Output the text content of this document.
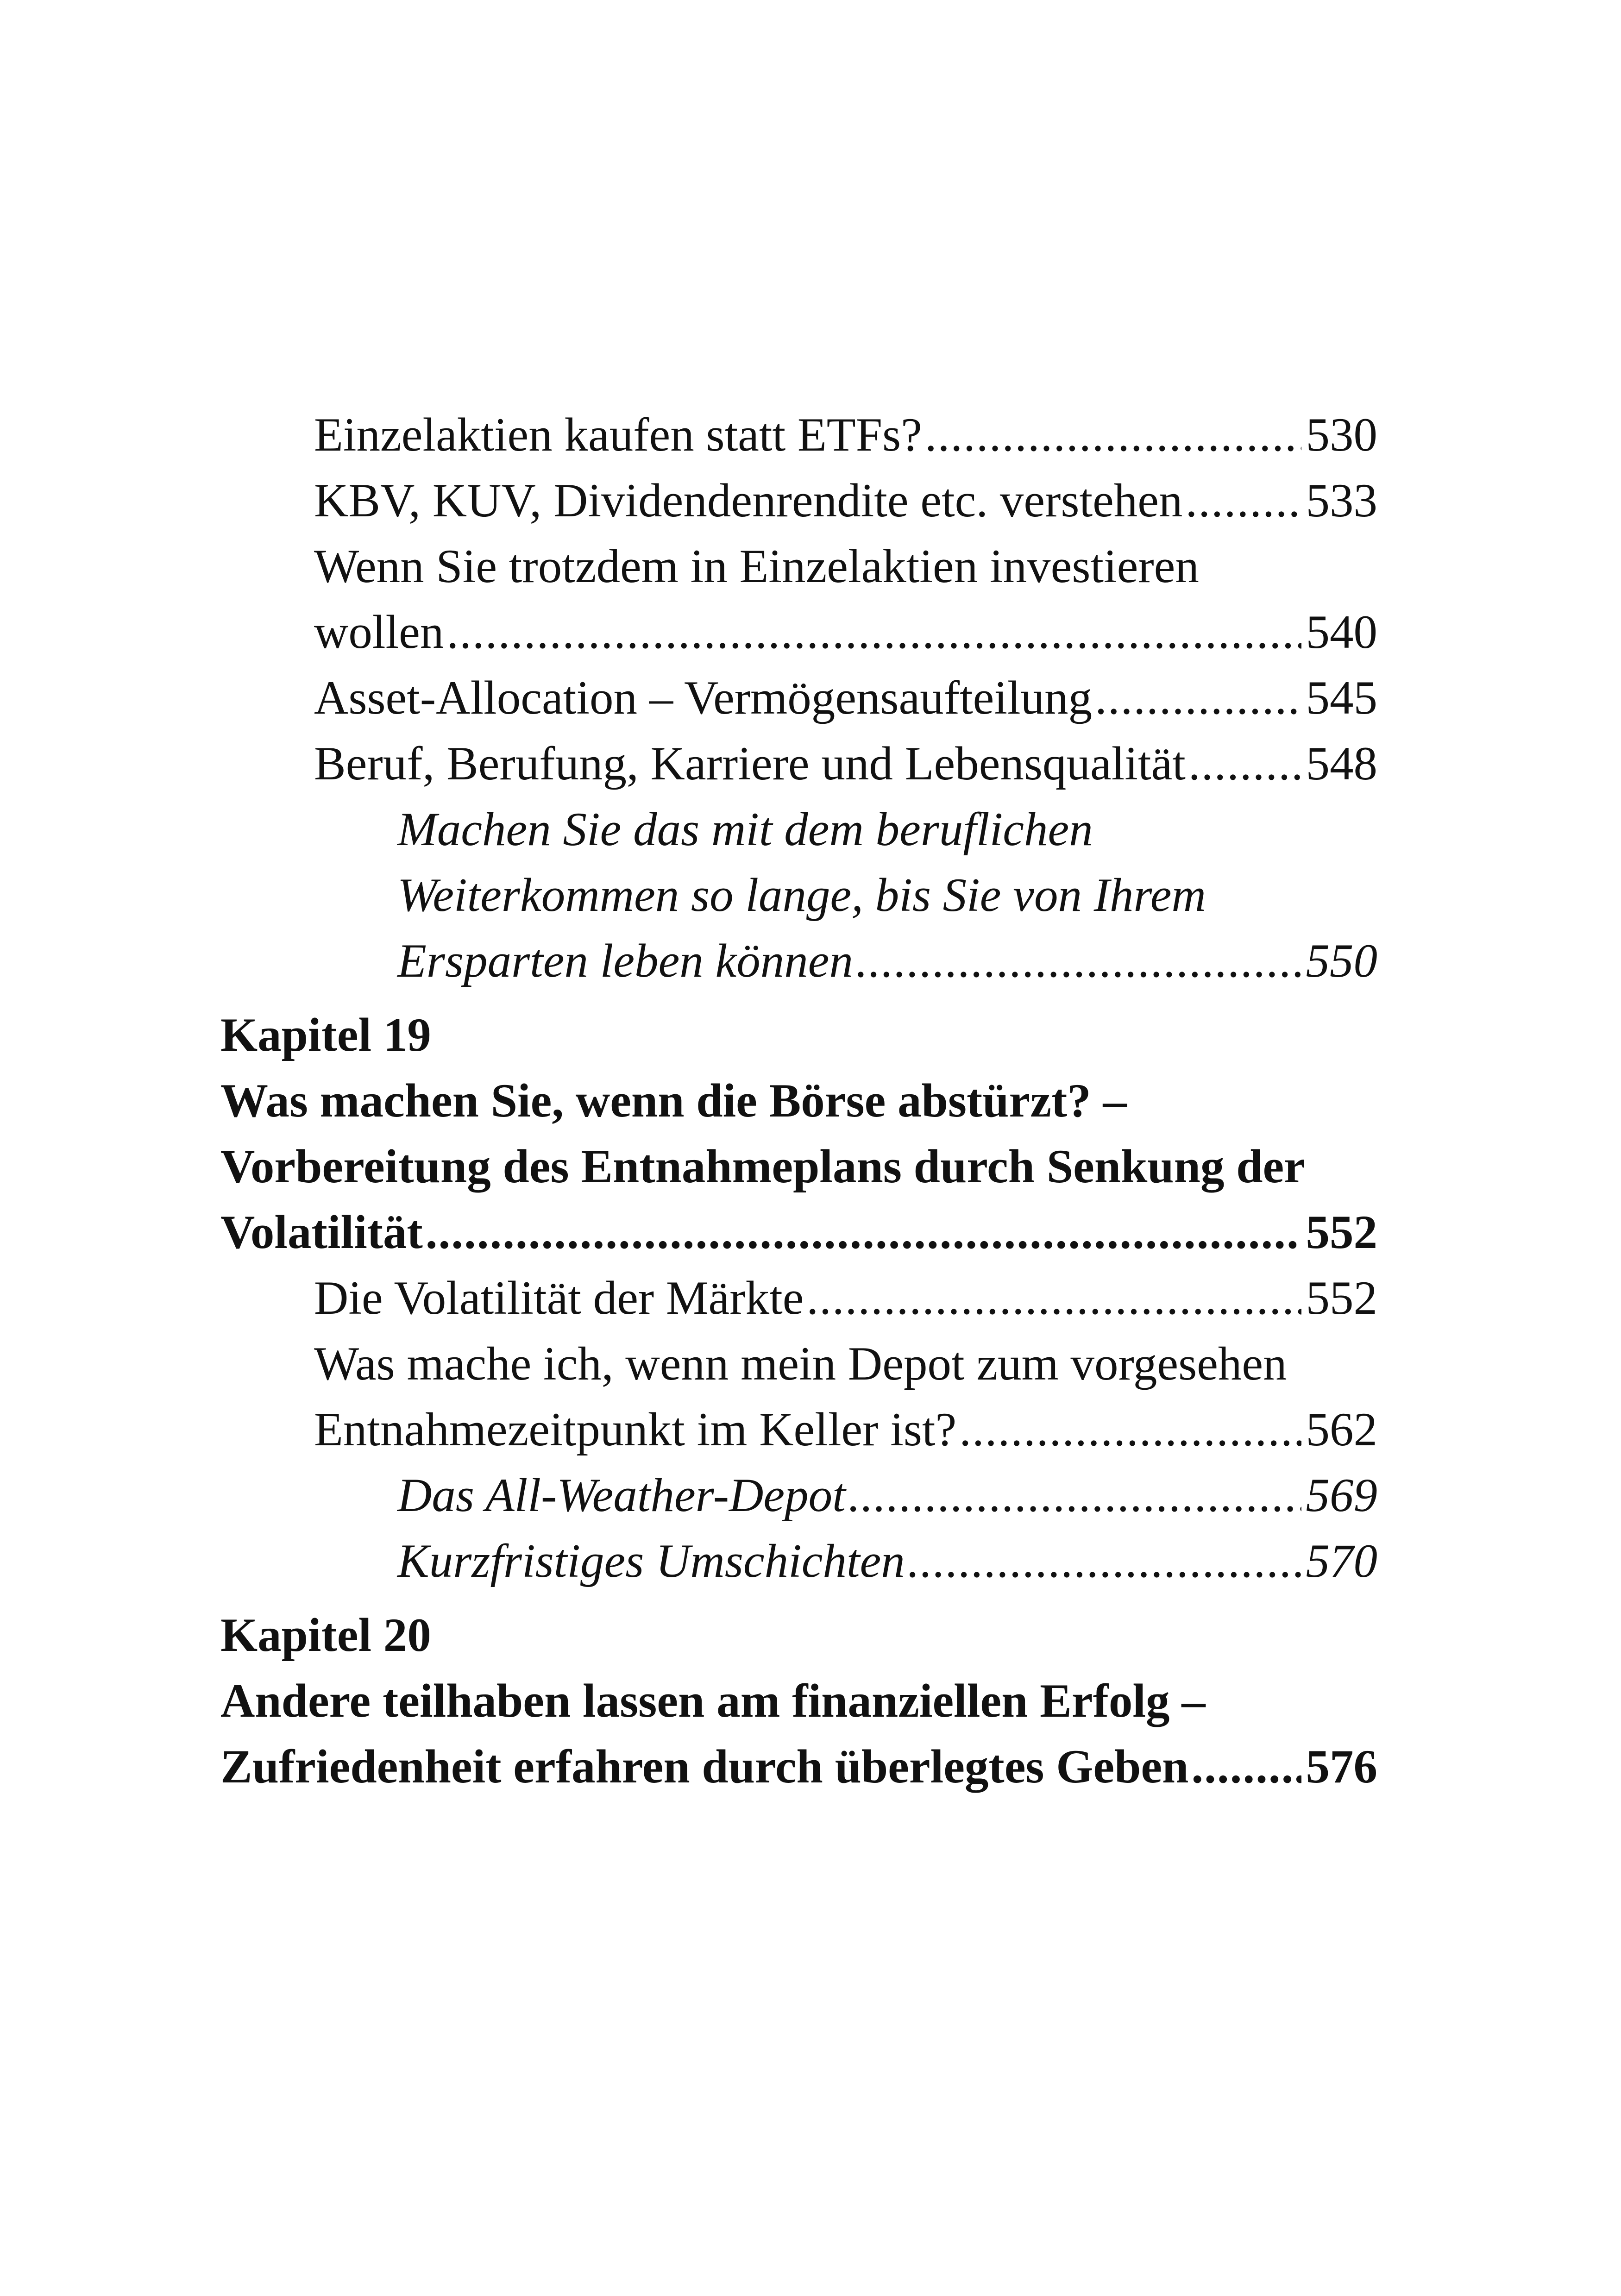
Einzelaktien kaufen statt ETFs? .....	530
KBV, KUV, Dividendenrendite etc. verstehen .....	533
Wenn Sie trotzdem in Einzelaktien investieren
wollen .....	540
Asset-Allocation – Vermögensaufteilung .....	545
Beruf, Berufung, Karriere und Lebensqualität .....	548
Machen Sie das mit dem beruflichen
Weiterkommen so lange, bis Sie von Ihrem
Ersparten leben können .....	550
Kapitel 19
Was machen Sie, wenn die Börse abstürzt? –
Vorbereitung des Entnahmeplans durch Senkung der
Volatilität .....	552
Die Volatilität der Märkte .....	552
Was mache ich, wenn mein Depot zum vorgesehen
Entnahmezeitpunkt im Keller ist? .....	562
Das All-Weather-Depot .....	569
Kurzfristiges Umschichten .....	570
Kapitel 20
Andere teilhaben lassen am finanziellen Erfolg –
Zufriedenheit erfahren durch überlegtes Geben ..... 576
